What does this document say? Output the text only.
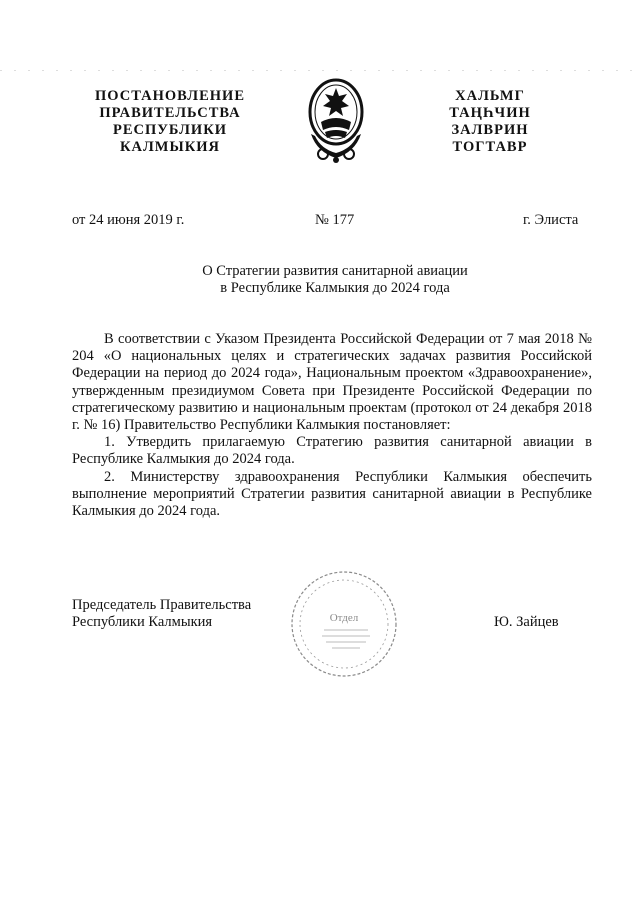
ПОСТАНОВЛЕНИЕ
ПРАВИТЕЛЬСТВА
РЕСПУБЛИКИ
КАЛМЫКИЯ
ХАЛЬМГ
ТАҢҺЧИН
ЗАЛВРИН
ТОГТАВР
от 24 июня 2019 г.	№ 177	г. Элиста
О Стратегии развития санитарной авиации
в Республике Калмыкия до 2024 года

В соответствии с Указом Президента Российской Федерации от 7 мая 2018 № 204 «О национальных целях и стратегических задачах развития Российской Федерации на период до 2024 года», Национальным проектом «Здравоохранение», утвержденным президиумом Совета при Президенте Российской Федерации по стратегическому развитию и национальным проектам (протокол от 24 декабря 2018 г. № 16) Правительство Республики Калмыкия постановляет:

1. Утвердить прилагаемую Стратегию развития санитарной авиации в Республике Калмыкия до 2024 года.

2. Министерству здравоохранения Республики Калмыкия обеспечить выполнение мероприятий Стратегии развития санитарной авиации в Республике Калмыкия до 2024 года.

Председатель Правительства
Республики Калмыкия	Отдел	Ю. Зайцев
